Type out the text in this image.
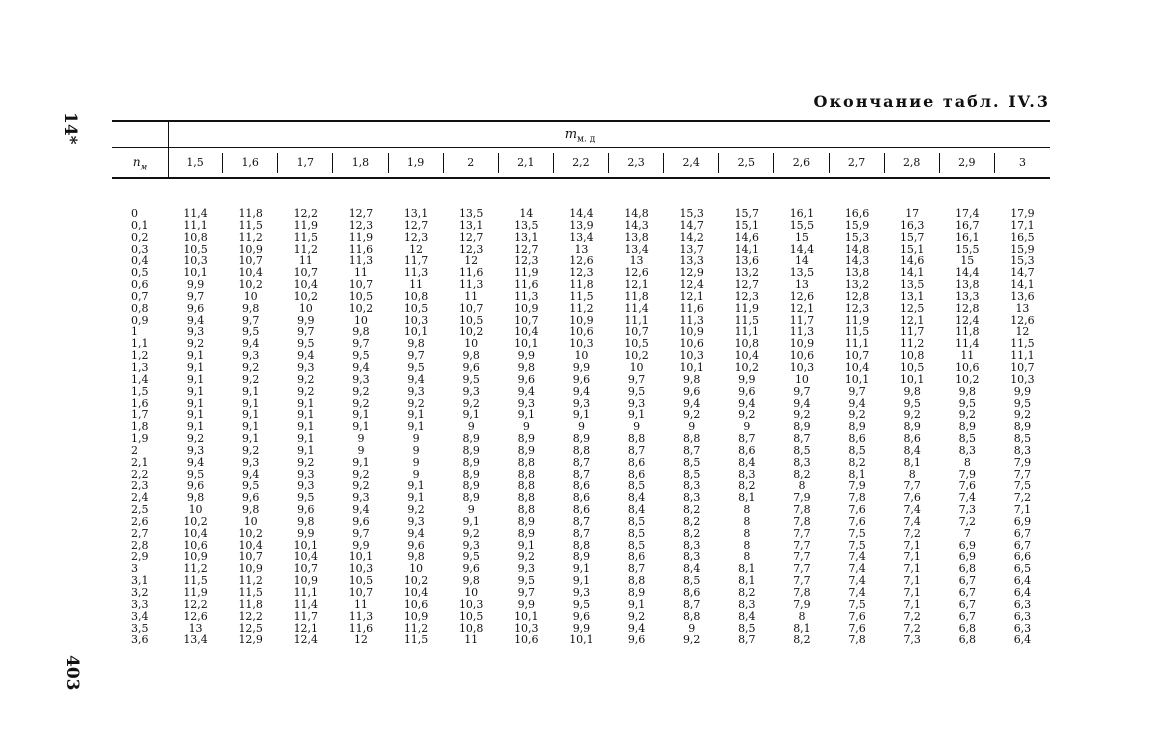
14*
403
Окончание табл. IV.3
$m_{м. д}$
$n_м$	1,5	1,6	1,7	1,8	1,9	2	2,1	2,2	2,3	2,4	2,5	2,6	2,7	2,8	2,9	3
0	11,4	11,8	12,2	12,7	13,1	13,5	14	14,4	14,8	15,3	15,7	16,1	16,6	17	17,4	17,9
0,1	11,1	11,5	11,9	12,3	12,7	13,1	13,5	13,9	14,3	14,7	15,1	15,5	15,9	16,3	16,7	17,1
0,2	10,8	11,2	11,5	11,9	12,3	12,7	13,1	13,4	13,8	14,2	14,6	15	15,3	15,7	16,1	16,5
0,3	10,5	10,9	11,2	11,6	12	12,3	12,7	13	13,4	13,7	14,1	14,4	14,8	15,1	15,5	15,9
0,4	10,3	10,7	11	11,3	11,7	12	12,3	12,6	13	13,3	13,6	14	14,3	14,6	15	15,3
0,5	10,1	10,4	10,7	11	11,3	11,6	11,9	12,3	12,6	12,9	13,2	13,5	13,8	14,1	14,4	14,7
0,6	9,9	10,2	10,4	10,7	11	11,3	11,6	11,8	12,1	12,4	12,7	13	13,2	13,5	13,8	14,1
0,7	9,7	10	10,2	10,5	10,8	11	11,3	11,5	11,8	12,1	12,3	12,6	12,8	13,1	13,3	13,6
0,8	9,6	9,8	10	10,2	10,5	10,7	10,9	11,2	11,4	11,6	11,9	12,1	12,3	12,5	12,8	13
0,9	9,4	9,7	9,9	10	10,3	10,5	10,7	10,9	11,1	11,3	11,5	11,7	11,9	12,1	12,4	12,6
1	9,3	9,5	9,7	9,8	10,1	10,2	10,4	10,6	10,7	10,9	11,1	11,3	11,5	11,7	11,8	12
1,1	9,2	9,4	9,5	9,7	9,8	10	10,1	10,3	10,5	10,6	10,8	10,9	11,1	11,2	11,4	11,5
1,2	9,1	9,3	9,4	9,5	9,7	9,8	9,9	10	10,2	10,3	10,4	10,6	10,7	10,8	11	11,1
1,3	9,1	9,2	9,3	9,4	9,5	9,6	9,8	9,9	10	10,1	10,2	10,3	10,4	10,5	10,6	10,7
1,4	9,1	9,2	9,2	9,3	9,4	9,5	9,6	9,6	9,7	9,8	9,9	10	10,1	10,1	10,2	10,3
1,5	9,1	9,1	9,2	9,2	9,3	9,3	9,4	9,4	9,5	9,6	9,6	9,7	9,7	9,8	9,8	9,9
1,6	9,1	9,1	9,1	9,2	9,2	9,2	9,3	9,3	9,3	9,4	9,4	9,4	9,4	9,5	9,5	9,5
1,7	9,1	9,1	9,1	9,1	9,1	9,1	9,1	9,1	9,1	9,2	9,2	9,2	9,2	9,2	9,2	9,2
1,8	9,1	9,1	9,1	9,1	9,1	9	9	9	9	9	9	8,9	8,9	8,9	8,9	8,9
1,9	9,2	9,1	9,1	9	9	8,9	8,9	8,9	8,8	8,8	8,7	8,7	8,6	8,6	8,5	8,5
2	9,3	9,2	9,1	9	9	8,9	8,9	8,8	8,7	8,7	8,6	8,5	8,5	8,4	8,3	8,3
2,1	9,4	9,3	9,2	9,1	9	8,9	8,8	8,7	8,6	8,5	8,4	8,3	8,2	8,1	8	7,9
2,2	9,5	9,4	9,3	9,2	9	8,9	8,8	8,7	8,6	8,5	8,3	8,2	8,1	8	7,9	7,7
2,3	9,6	9,5	9,3	9,2	9,1	8,9	8,8	8,6	8,5	8,3	8,2	8	7,9	7,7	7,6	7,5
2,4	9,8	9,6	9,5	9,3	9,1	8,9	8,8	8,6	8,4	8,3	8,1	7,9	7,8	7,6	7,4	7,2
2,5	10	9,8	9,6	9,4	9,2	9	8,8	8,6	8,4	8,2	8	7,8	7,6	7,4	7,3	7,1
2,6	10,2	10	9,8	9,6	9,3	9,1	8,9	8,7	8,5	8,2	8	7,8	7,6	7,4	7,2	6,9
2,7	10,4	10,2	9,9	9,7	9,4	9,2	8,9	8,7	8,5	8,2	8	7,7	7,5	7,2	7	6,7
2,8	10,6	10,4	10,1	9,9	9,6	9,3	9,1	8,8	8,5	8,3	8	7,7	7,5	7,1	6,9	6,7
2,9	10,9	10,7	10,4	10,1	9,8	9,5	9,2	8,9	8,6	8,3	8	7,7	7,4	7,1	6,9	6,6
3	11,2	10,9	10,7	10,3	10	9,6	9,3	9,1	8,7	8,4	8,1	7,7	7,4	7,1	6,8	6,5
3,1	11,5	11,2	10,9	10,5	10,2	9,8	9,5	9,1	8,8	8,5	8,1	7,7	7,4	7,1	6,7	6,4
3,2	11,9	11,5	11,1	10,7	10,4	10	9,7	9,3	8,9	8,6	8,2	7,8	7,4	7,1	6,7	6,4
3,3	12,2	11,8	11,4	11	10,6	10,3	9,9	9,5	9,1	8,7	8,3	7,9	7,5	7,1	6,7	6,3
3,4	12,6	12,2	11,7	11,3	10,9	10,5	10,1	9,6	9,2	8,8	8,4	8	7,6	7,2	6,7	6,3
3,5	13	12,5	12,1	11,6	11,2	10,8	10,3	9,9	9,4	9	8,5	8,1	7,6	7,2	6,8	6,3
3,6	13,4	12,9	12,4	12	11,5	11	10,6	10,1	9,6	9,2	8,7	8,2	7,8	7,3	6,8	6,4
